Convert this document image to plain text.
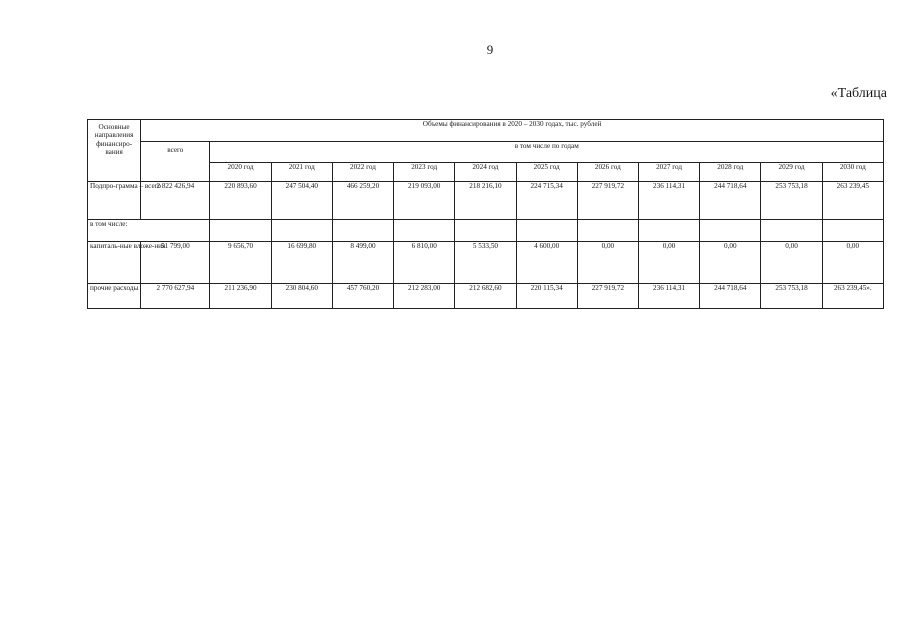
9
«Таблица
Основные направления финансиро-вания	Объемы финансирования в 2020 – 2030 годах, тыс. рублей											
	всего	в том числе по годам										
		2020 год	2021 год	2022 год	2023 год	2024 год	2025 год	2026 год	2027 год	2028 год	2029 год	2030 год
Подпро-грамма – всего	2 822 426,94	220 893,60	247 504,40	466 259,20	219 093,00	218 216,10	224 715,34	227 919,72	236 114,31	244 718,64	253 753,18	263 239,45
в том числе:												
капиталь-ные вложе-ния	51 799,00	9 656,70	16 699,80	8 499,00	6 810,00	5 533,50	4 600,00	0,00	0,00	0,00	0,00	0,00
прочие расходы	2 770 627,94	211 236,90	230 804,60	457 760,20	212 283,00	212 682,60	220 115,34	227 919,72	236 114,31	244 718,64	253 753,18	263 239,45».
